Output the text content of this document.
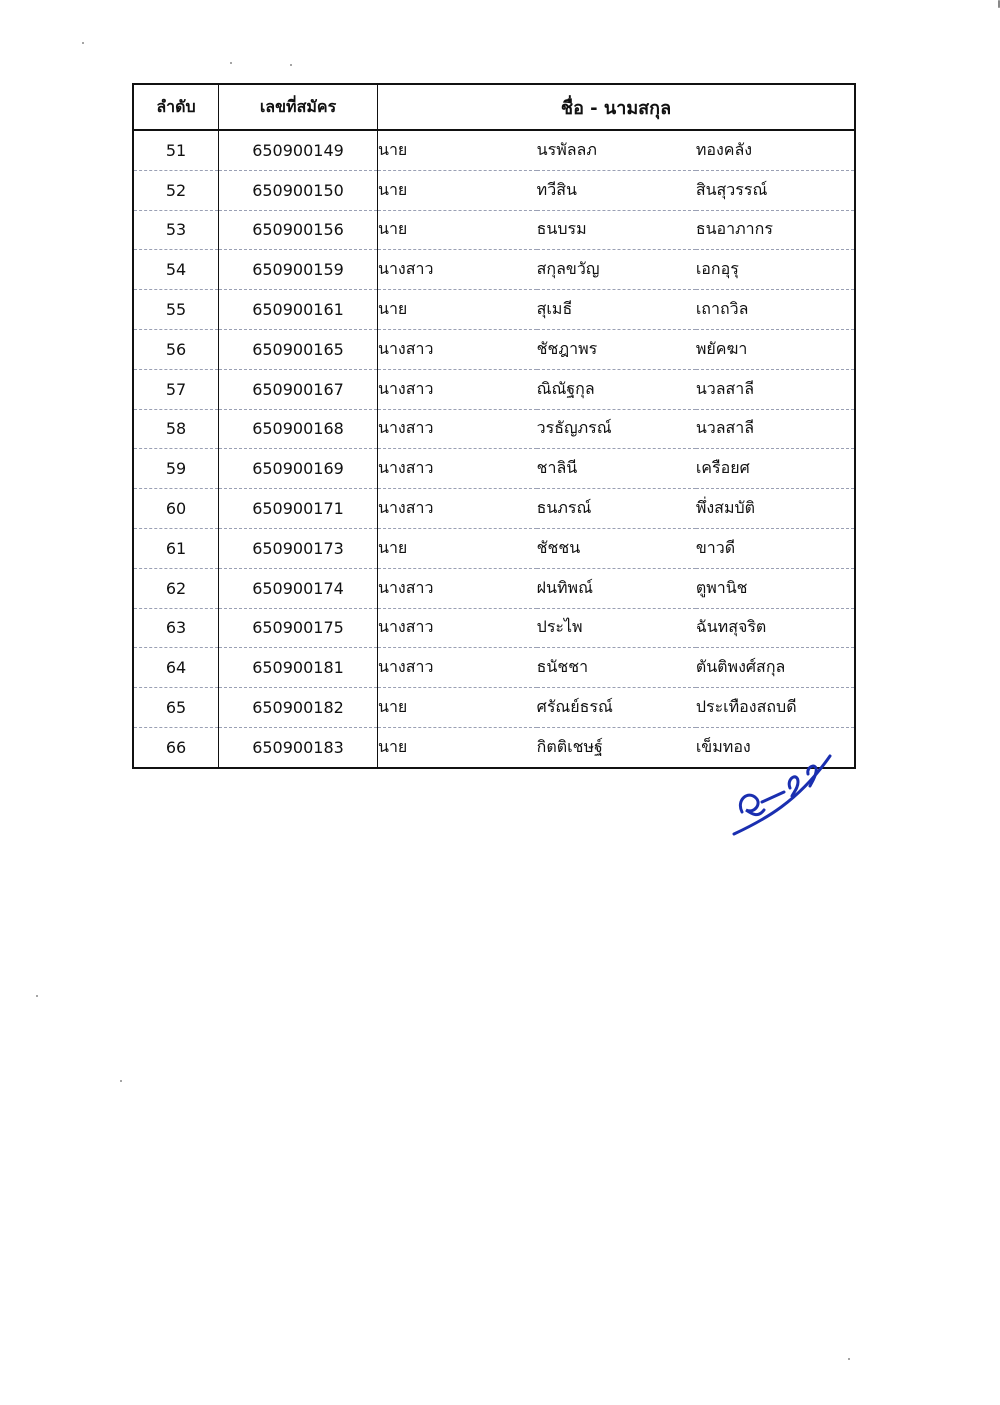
ลำดับ	เลขที่สมัคร	ชื่อ - นามสกุล		
51	650900149	นาย	นรพัลลภ	ทองคลัง
52	650900150	นาย	ทวีสิน	สินสุวรรณ์
53	650900156	นาย	ธนบรม	ธนอาภากร
54	650900159	นางสาว	สกุลขวัญ	เอกอุรุ
55	650900161	นาย	สุเมธี	เถาถวิล
56	650900165	นางสาว	ชัชฎาพร	พยัคฆา
57	650900167	นางสาว	ณิณัฐกุล	นวลสาลี
58	650900168	นางสาว	วรธัญภรณ์	นวลสาลี
59	650900169	นางสาว	ชาลินี	เครือยศ
60	650900171	นางสาว	ธนภรณ์	พึ่งสมบัติ
61	650900173	นาย	ชัชชน	ขาวดี
62	650900174	นางสาว	ฝนทิพณ์	ตูพานิช
63	650900175	นางสาว	ประไพ	ฉันทสุจริต
64	650900181	นางสาว	ธนัชชา	ตันติพงศ์สกุล
65	650900182	นาย	ศรัณย์ธรณ์	ประเทืองสถบดี
66	650900183	นาย	กิตติเชษฐ์	เข็มทอง
